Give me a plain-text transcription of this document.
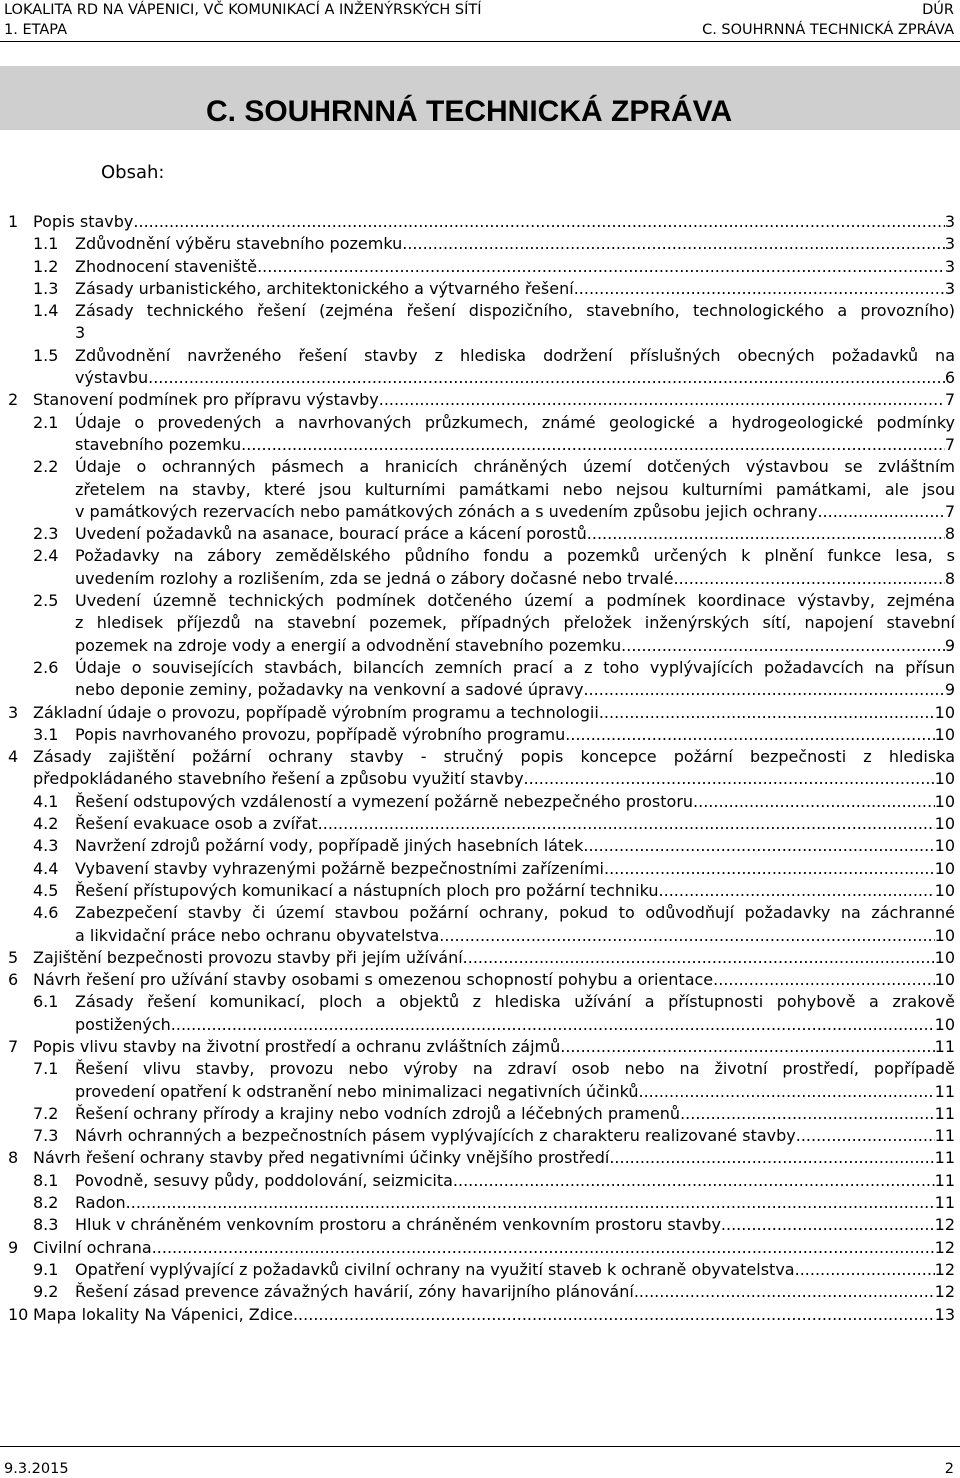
LOKALITA RD NA VÁPENICI, VČ KOMUNIKACÍ A INŽENÝRSKÝCH SÍTÍ	DÚR
1. ETAPA	C. SOUHRNNÁ TECHNICKÁ ZPRÁVA
C. SOUHRNNÁ TECHNICKÁ ZPRÁVA
Obsah:
1 Popis stavby .....	3
1.1 Zdůvodnění výběru stavebního pozemku .....	3
1.2 Zhodnocení staveniště .....	3
1.3 Zásady urbanistického, architektonického a výtvarného řešení .....	3
1.4 Zásady technického řešení (zejména řešení dispozičního, stavebního, technologického a provozního)
3
1.5 Zdůvodnění navrženého řešení stavby z hlediska dodržení příslušných obecných požadavků na
výstavbu .....	6
2 Stanovení podmínek pro přípravu výstavby .....	7
2.1 Údaje o provedených a navrhovaných průzkumech, známé geologické a hydrogeologické podmínky
stavebního pozemku .....	7
2.2 Údaje o ochranných pásmech a hranicích chráněných území dotčených výstavbou se zvláštním
zřetelem na stavby, které jsou kulturními památkami nebo nejsou kulturními památkami, ale jsou
v památkových rezervacích nebo památkových zónách a s uvedením způsobu jejich ochrany .....	7
2.3 Uvedení požadavků na asanace, bourací práce a kácení porostů .....	8
2.4 Požadavky na zábory zemědělského půdního fondu a pozemků určených k plnění funkce lesa, s
uvedením rozlohy a rozlišením, zda se jedná o zábory dočasné nebo trvalé .....	8
2.5 Uvedení územně technických podmínek dotčeného území a podmínek koordinace výstavby, zejména
z hledisek příjezdů na stavební pozemek, případných přeložek inženýrských sítí, napojení stavební
pozemek na zdroje vody a energií a odvodnění stavebního pozemku .....	9
2.6 Údaje o souvisejících stavbách, bilancích zemních prací a z toho vyplývajících požadavcích na přísun
nebo deponie zeminy, požadavky na venkovní a sadové úpravy .....	9
3 Základní údaje o provozu, popřípadě výrobním programu a technologii .....	10
3.1 Popis navrhovaného provozu, popřípadě výrobního programu .....	10
4 Zásady zajištění požární ochrany stavby - stručný popis koncepce požární bezpečnosti z hlediska
předpokládaného stavebního řešení a způsobu využití stavby .....	10
4.1 Řešení odstupových vzdáleností a vymezení požárně nebezpečného prostoru .....	10
4.2 Řešení evakuace osob a zvířat .....	10
4.3 Navržení zdrojů požární vody, popřípadě jiných hasebních látek .....	10
4.4 Vybavení stavby vyhrazenými požárně bezpečnostními zařízeními .....	10
4.5 Řešení přístupových komunikací a nástupních ploch pro požární techniku .....	10
4.6 Zabezpečení stavby či území stavbou požární ochrany, pokud to odůvodňují požadavky na záchranné
a likvidační práce nebo ochranu obyvatelstva .....	10
5 Zajištění bezpečnosti provozu stavby při jejím užívání .....	10
6 Návrh řešení pro užívání stavby osobami s omezenou schopností pohybu a orientace .....	10
6.1 Zásady řešení komunikací, ploch a objektů z hlediska užívání a přístupnosti pohybově a zrakově
postižených .....	10
7 Popis vlivu stavby na životní prostředí a ochranu zvláštních zájmů .....	11
7.1 Řešení vlivu stavby, provozu nebo výroby na zdraví osob nebo na životní prostředí, popřípadě
provedení opatření k odstranění nebo minimalizaci negativních účinků .....	11
7.2 Řešení ochrany přírody a krajiny nebo vodních zdrojů a léčebných pramenů .....	11
7.3 Návrh ochranných a bezpečnostních pásem vyplývajících z charakteru realizované stavby .....	11
8 Návrh řešení ochrany stavby před negativními účinky vnějšího prostředí .....	11
8.1 Povodně, sesuvy půdy, poddolování, seizmicita .....	11
8.2 Radon .....	11
8.3 Hluk v chráněném venkovním prostoru a chráněném venkovním prostoru stavby .....	12
9 Civilní ochrana .....	12
9.1 Opatření vyplývající z požadavků civilní ochrany na využití staveb k ochraně obyvatelstva .....	12
9.2 Řešení zásad prevence závažných havárií, zóny havarijního plánování .....	12
10 Mapa lokality Na Vápenici, Zdice .....	13
9.3.2015	2
